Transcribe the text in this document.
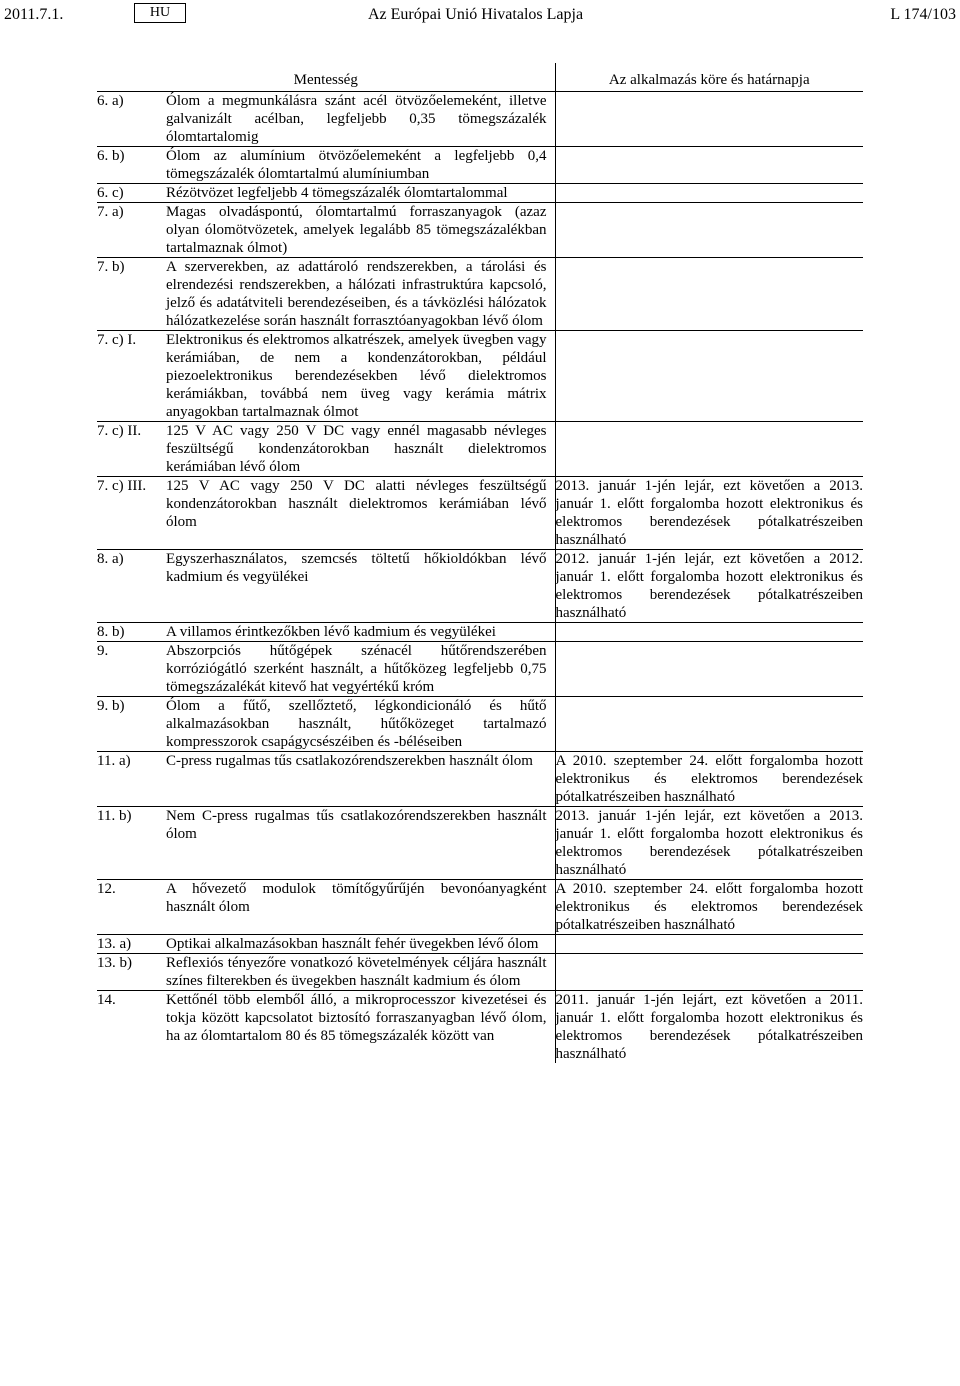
2011.7.1.	HU	Az Európai Unió Hivatalos Lapja	L 174/103
Mentesség	Az alkalmazás köre és határnapja

6. a) Ólom a megmunkálásra szánt acél ötvözőelemeként, illetve galvanizált acélban, legfeljebb 0,35 tömegszázalék ólomtartalomig	

6. b) Ólom az alumínium ötvözőelemeként a legfeljebb 0,4 tömegszázalék ólomtartalmú alumíniumban	

6. c) Rézötvözet legfeljebb 4 tömegszázalék ólomtartalommal	

7. a) Magas olvadáspontú, ólomtartalmú forraszanyagok (azaz olyan ólomötvözetek, amelyek legalább 85 tömegszázalékban tartalmaznak ólmot)	

7. b) A szerverekben, az adattároló rendszerekben, a tárolási és elrendezési rendszerekben, a hálózati infrastruktúra kapcsoló, jelző és adatátviteli berendezéseiben, és a távközlési hálózatok hálózatkezelése során használt forrasztóanyagokban lévő ólom	

7. c) I. Elektronikus és elektromos alkatrészek, amelyek üvegben vagy kerámiában, de nem a kondenzátorokban, például piezoelektronikus berendezésekben lévő dielektromos kerámiákban, továbbá nem üveg vagy kerámia mátrix anyagokban tartalmaznak ólmot	

7. c) II. 125 V AC vagy 250 V DC vagy ennél magasabb névleges feszültségű kondenzátorokban használt dielektromos kerámiában lévő ólom	

7. c) III. 125 V AC vagy 250 V DC alatti névleges feszültségű kondenzátorokban használt dielektromos kerámiában lévő ólom	2013. január 1-jén lejár, ezt követően a 2013. január 1. előtt forgalomba hozott elektronikus és elektromos berendezések pótalkatrészeiben használható

8. a) Egyszerhasználatos, szemcsés töltetű hőkioldókban lévő kadmium és vegyülékei	2012. január 1-jén lejár, ezt követően a 2012. január 1. előtt forgalomba hozott elektronikus és elektromos berendezések pótalkatrészeiben használható

8. b) A villamos érintkezőkben lévő kadmium és vegyülékei	

9. Abszorpciós hűtőgépek szénacél hűtőrendszerében korróziógátló szerként használt, a hűtőközeg legfeljebb 0,75 tömegszázalékát kitevő hat vegyértékű króm	

9. b) Ólom a fűtő, szellőztető, légkondicionáló és hűtő alkalmazásokban használt, hűtőközeget tartalmazó kompresszorok csapágycsészéiben és -béléseiben	

11. a) C-press rugalmas tűs csatlakozórendszerekben használt ólom	A 2010. szeptember 24. előtt forgalomba hozott elektronikus és elektromos berendezések pótalkatrészeiben használható

11. b) Nem C-press rugalmas tűs csatlakozórendszerekben használt ólom	2013. január 1-jén lejár, ezt követően a 2013. január 1. előtt forgalomba hozott elektronikus és elektromos berendezések pótalkatrészeiben használható

12. A hővezető modulok tömítőgyűrűjén bevonóanyagként használt ólom	A 2010. szeptember 24. előtt forgalomba hozott elektronikus és elektromos berendezések pótalkatrészeiben használható

13. a) Optikai alkalmazásokban használt fehér üvegekben lévő ólom	

13. b) Reflexiós tényezőre vonatkozó követelmények céljára használt színes filterekben és üvegekben használt kadmium és ólom	

14. Kettőnél több elemből álló, a mikroprocesszor kivezetései és tokja között kapcsolatot biztosító forraszanyagban lévő ólom, ha az ólomtartalom 80 és 85 tömegszázalék között van	2011. január 1-jén lejárt, ezt követően a 2011. január 1. előtt forgalomba hozott elektronikus és elektromos berendezések pótalkatrészeiben használható
